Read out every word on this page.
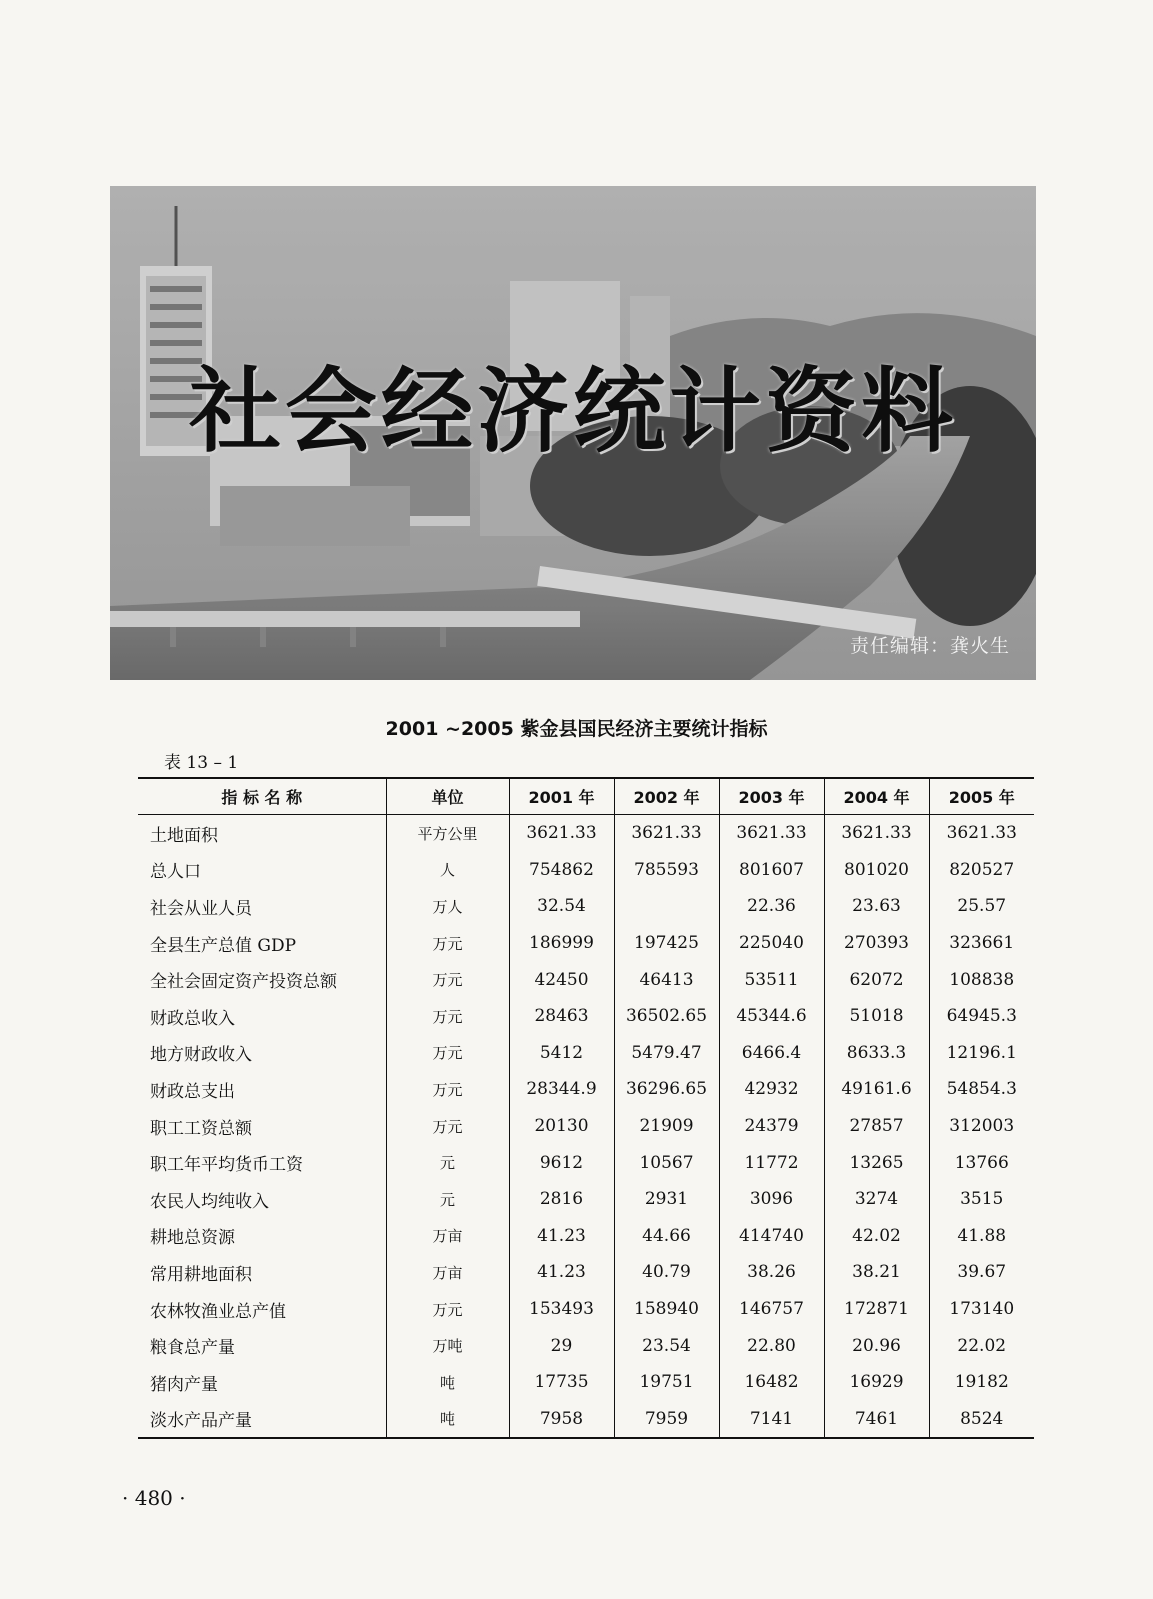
社会经济统计资料
责任编辑：龚火生
2001 ~2005 紫金县国民经济主要统计指标
表 13 – 1
指 标 名 称	单位	2001 年	2002 年	2003 年	2004 年	2005 年
土地面积	平方公里	3621.33	3621.33	3621.33	3621.33	3621.33
总人口	人	754862	785593	801607	801020	820527
社会从业人员	万人	32.54		22.36	23.63	25.57
全县生产总值 GDP	万元	186999	197425	225040	270393	323661
全社会固定资产投资总额	万元	42450	46413	53511	62072	108838
财政总收入	万元	28463	36502.65	45344.6	51018	64945.3
地方财政收入	万元	5412	5479.47	6466.4	8633.3	12196.1
财政总支出	万元	28344.9	36296.65	42932	49161.6	54854.3
职工工资总额	万元	20130	21909	24379	27857	312003
职工年平均货币工资	元	9612	10567	11772	13265	13766
农民人均纯收入	元	2816	2931	3096	3274	3515
耕地总资源	万亩	41.23	44.66	414740	42.02	41.88
常用耕地面积	万亩	41.23	40.79	38.26	38.21	39.67
农林牧渔业总产值	万元	153493	158940	146757	172871	173140
粮食总产量	万吨	29	23.54	22.80	20.96	22.02
猪肉产量	吨	17735	19751	16482	16929	19182
淡水产品产量	吨	7958	7959	7141	7461	8524
· 480 ·
